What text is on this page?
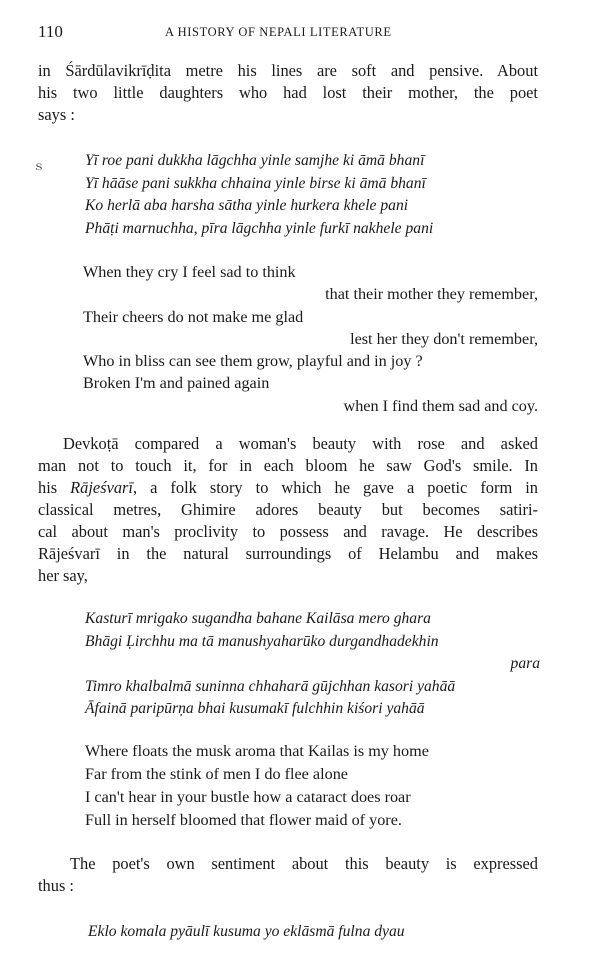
110	A HISTORY OF NEPALI LITERATURE
in Śārdūlavikrīḍita metre his lines are soft and pensive. About
his two little daughters who had lost their mother, the poet
says :
ｓ	Yī roe pani dukkha lāgchha yinle samjhe ki āmā bhanī
Yī hāāse pani sukkha chhaina yinle birse ki āmā bhanī
Ko herlā aba harsha sātha yinle hurkera khele pani
Phāṭi marnuchha, pīra lāgchha yinle furkī nakhele pani
When they cry I feel sad to think
that their mother they remember,
Their cheers do not make me glad
lest her they don't remember,
Who in bliss can see them grow, playful and in joy ?
Broken I'm and pained again
when I find them sad and coy.
Devkoṭā compared a woman's beauty with rose and asked
man not to touch it, for in each bloom he saw God's smile. In
his Rājeśvarī, a folk story to which he gave a poetic form in
classical metres, Ghimire adores beauty but becomes satiri-
cal about man's proclivity to possess and ravage. He describes
Rājeśvarī in the natural surroundings of Helambu and makes
her say,
Kasturī mrigako sugandha bahane Kailāsa mero ghara
Bhāgi Ḷirchhu ma tā manushyaharūko durgandhadekhin
para
Timro khalbalmā suninna chhaharā gūjchhan kasori yahāā
Āfainā paripūrṇa bhai kusumakī fulchhin kiśori yahāā
Where floats the musk aroma that Kailas is my home
Far from the stink of men I do flee alone
I can't hear in your bustle how a cataract does roar
Full in herself bloomed that flower maid of yore.
The poet's own sentiment about this beauty is expressed
thus :
Eklo komala pyāulī kusuma yo eklāsmā fulna dyau
